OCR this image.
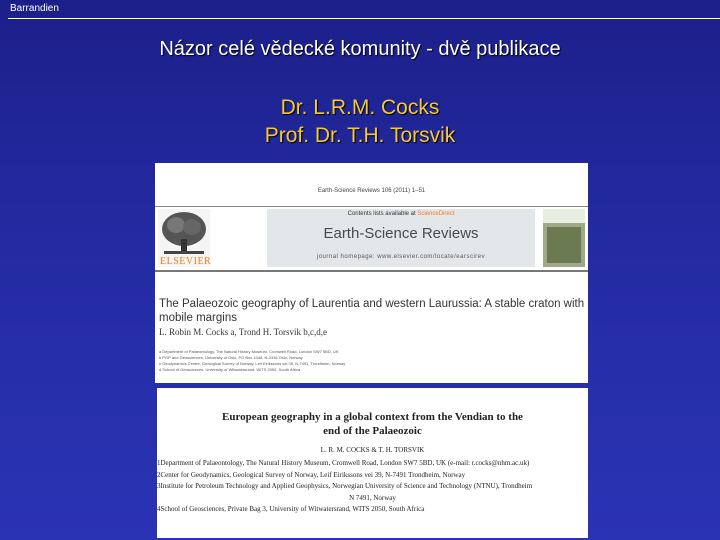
Barrandien
Názor celé vědecké komunity - dvě publikace
Dr. L.R.M. Cocks
Prof. Dr. T.H. Torsvik
Earth-Science Reviews 106 (2011) 1–51
ELSEVIER
Contents lists available at ScienceDirect
Earth-Science Reviews
journal homepage: www.elsevier.com/locate/earscirev
The Palaeozoic geography of Laurentia and western Laurussia: A stable craton with mobile margins
L. Robin M. Cocks a, Trond H. Torsvik b,c,d,e
a Department of Palaeontology, The Natural History Museum, Cromwell Road, London SW7 5BD, UK
b PGP and Geosciences, University of Oslo, PO Box 1048, N-0316 Oslo, Norway
c Geodynamics Centre, Geological Survey of Norway, Leif Eirikssons vei 39, N-7491, Trondheim, Norway
d School of Geosciences, University of Witwatersrand, WITS 2050, South Africa
European geography in a global context from the Vendian to the
end of the Palaeozoic
L. R. M. COCKS & T. H. TORSVIK
1Department of Palaeontology, The Natural History Museum, Cromwell Road, London SW7 5BD, UK (e-mail: r.cocks@nhm.ac.uk)
2Center for Geodynamics, Geological Survey of Norway, Leif Eirikssons vei 39, N-7491 Trondheim, Norway
3Institute for Petroleum Technology and Applied Geophysics, Norwegian University of Science and Technology (NTNU), Trondheim
N 7491, Norway
4School of Geosciences, Private Bag 3, University of Witwatersrand, WITS 2050, South Africa
